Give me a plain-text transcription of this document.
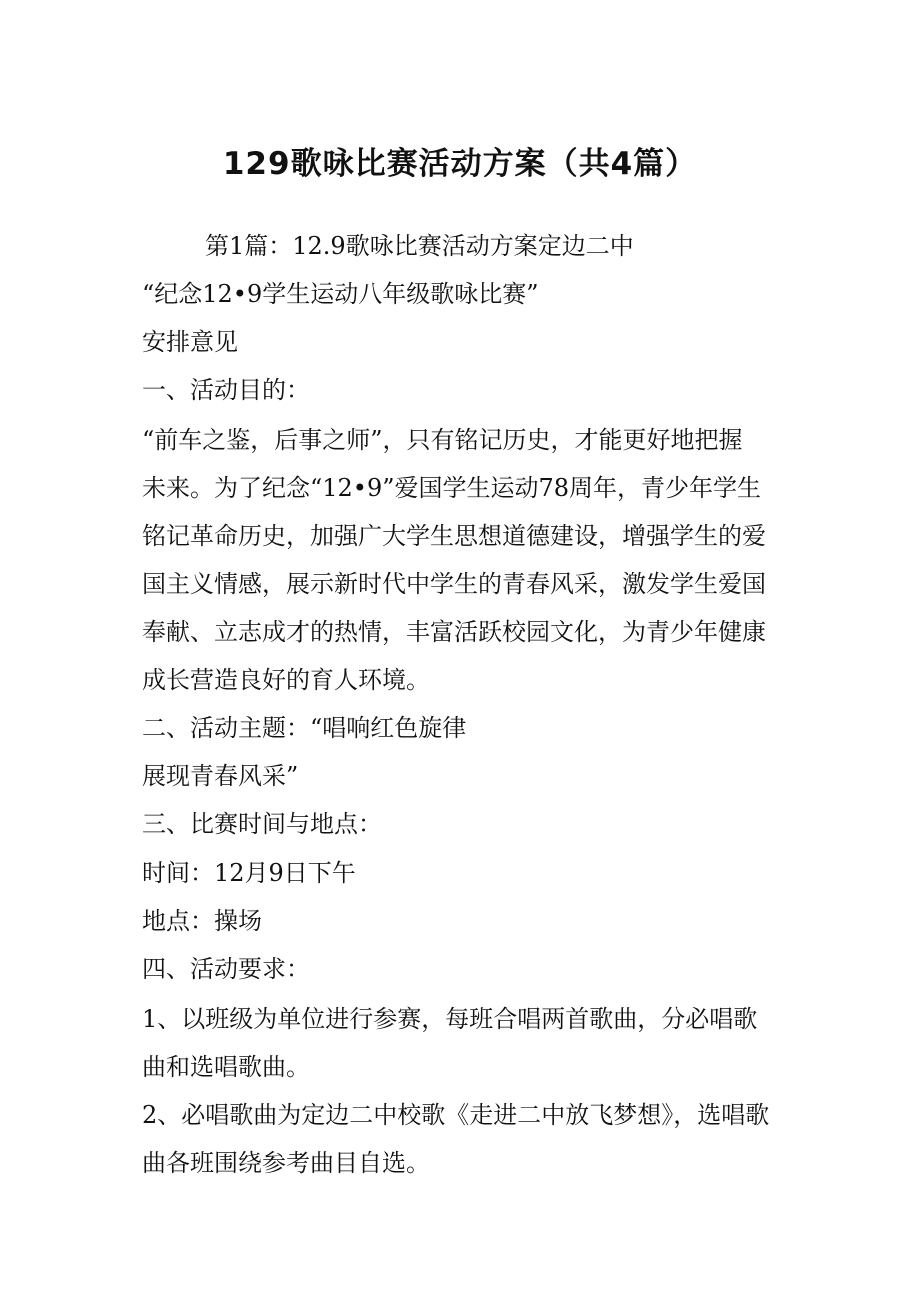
129歌咏比赛活动方案（共4篇）
第1篇：12.9歌咏比赛活动方案定边二中
“纪念12•9学生运动八年级歌咏比赛”
安排意见
一、活动目的：
“前车之鉴，后事之师”，只有铭记历史，才能更好地把握
未来。为了纪念“12•9”爱国学生运动78周年，青少年学生
铭记革命历史，加强广大学生思想道德建设，增强学生的爱
国主义情感，展示新时代中学生的青春风采，激发学生爱国
奉献、立志成才的热情，丰富活跃校园文化，为青少年健康
成长营造良好的育人环境。
二、活动主题：“唱响红色旋律
展现青春风采”
三、比赛时间与地点：
时间：12月9日下午
地点：操场
四、活动要求：
1、以班级为单位进行参赛，每班合唱两首歌曲，分必唱歌
曲和选唱歌曲。
2、必唱歌曲为定边二中校歌《走进二中放飞梦想》，选唱歌
曲各班围绕参考曲目自选。
